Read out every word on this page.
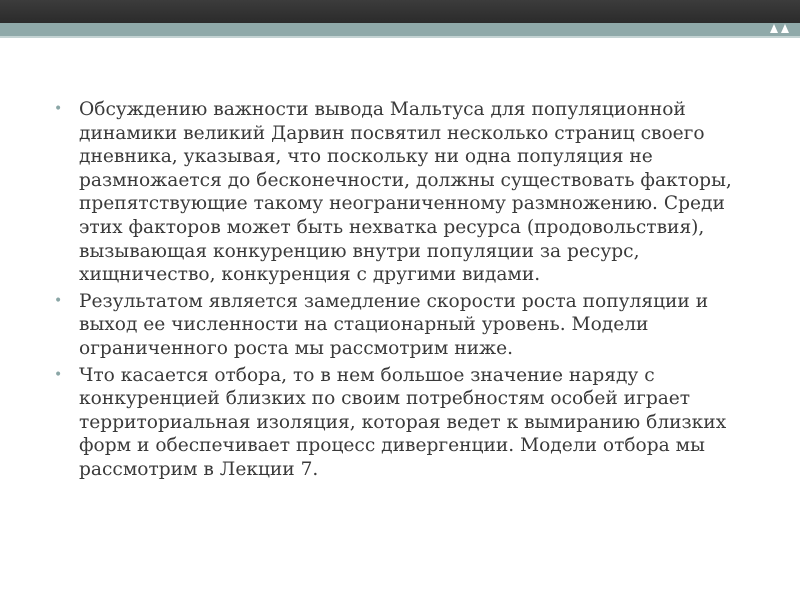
• Обсуждению важности вывода Мальтуса для популяционной динамики великий Дарвин посвятил несколько страниц своего дневника, указывая, что поскольку ни одна популяция не размножается до бесконечности, должны существовать факторы, препятствующие такому неограниченному размножению. Среди этих факторов может быть нехватка ресурса (продовольствия), вызывающая конкуренцию внутри популяции за ресурс, хищничество, конкуренция с другими видами.
• Результатом является замедление скорости роста популяции и выход ее численности на стационарный уровень. Модели ограниченного роста мы рассмотрим ниже.
• Что касается отбора, то в нем большое значение наряду с конкуренцией близких по своим потребностям особей играет территориальная изоляция, которая ведет к вымиранию близких форм и обеспечивает процесс дивергенции. Модели отбора мы рассмотрим в Лекции 7.
